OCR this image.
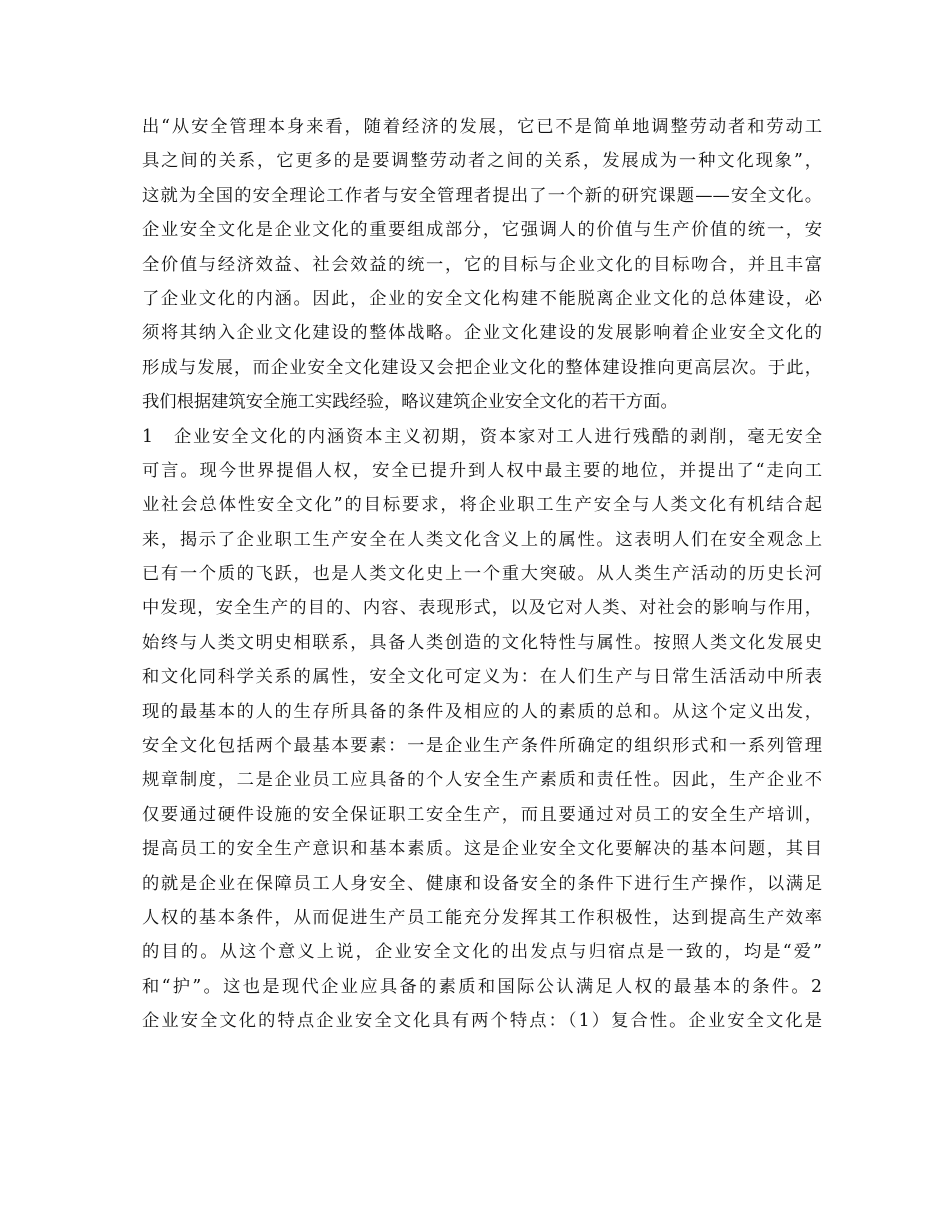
出“从安全管理本身来看，随着经济的发展，它已不是简单地调整劳动者和劳动工
具之间的关系，它更多的是要调整劳动者之间的关系，发展成为一种文化现象”，
这就为全国的安全理论工作者与安全管理者提出了一个新的研究课题——安全文化。
企业安全文化是企业文化的重要组成部分，它强调人的价值与生产价值的统一，安
全价值与经济效益、社会效益的统一，它的目标与企业文化的目标吻合，并且丰富
了企业文化的内涵。因此，企业的安全文化构建不能脱离企业文化的总体建设，必
须将其纳入企业文化建设的整体战略。企业文化建设的发展影响着企业安全文化的
形成与发展，而企业安全文化建设又会把企业文化的整体建设推向更高层次。于此，
我们根据建筑安全施工实践经验，略议建筑企业安全文化的若干方面。
1　企业安全文化的内涵资本主义初期，资本家对工人进行残酷的剥削，毫无安全
可言。现今世界提倡人权，安全已提升到人权中最主要的地位，并提出了“走向工
业社会总体性安全文化”的目标要求，将企业职工生产安全与人类文化有机结合起
来，揭示了企业职工生产安全在人类文化含义上的属性。这表明人们在安全观念上
已有一个质的飞跃，也是人类文化史上一个重大突破。从人类生产活动的历史长河
中发现，安全生产的目的、内容、表现形式，以及它对人类、对社会的影响与作用，
始终与人类文明史相联系，具备人类创造的文化特性与属性。按照人类文化发展史
和文化同科学关系的属性，安全文化可定义为：在人们生产与日常生活活动中所表
现的最基本的人的生存所具备的条件及相应的人的素质的总和。从这个定义出发，
安全文化包括两个最基本要素：一是企业生产条件所确定的组织形式和一系列管理
规章制度，二是企业员工应具备的个人安全生产素质和责任性。因此，生产企业不
仅要通过硬件设施的安全保证职工安全生产，而且要通过对员工的安全生产培训，
提高员工的安全生产意识和基本素质。这是企业安全文化要解决的基本问题，其目
的就是企业在保障员工人身安全、健康和设备安全的条件下进行生产操作，以满足
人权的基本条件，从而促进生产员工能充分发挥其工作积极性，达到提高生产效率
的目的。从这个意义上说，企业安全文化的出发点与归宿点是一致的，均是“爱”
和“护”。这也是现代企业应具备的素质和国际公认满足人权的最基本的条件。2
企业安全文化的特点企业安全文化具有两个特点：（1）复合性。企业安全文化是
